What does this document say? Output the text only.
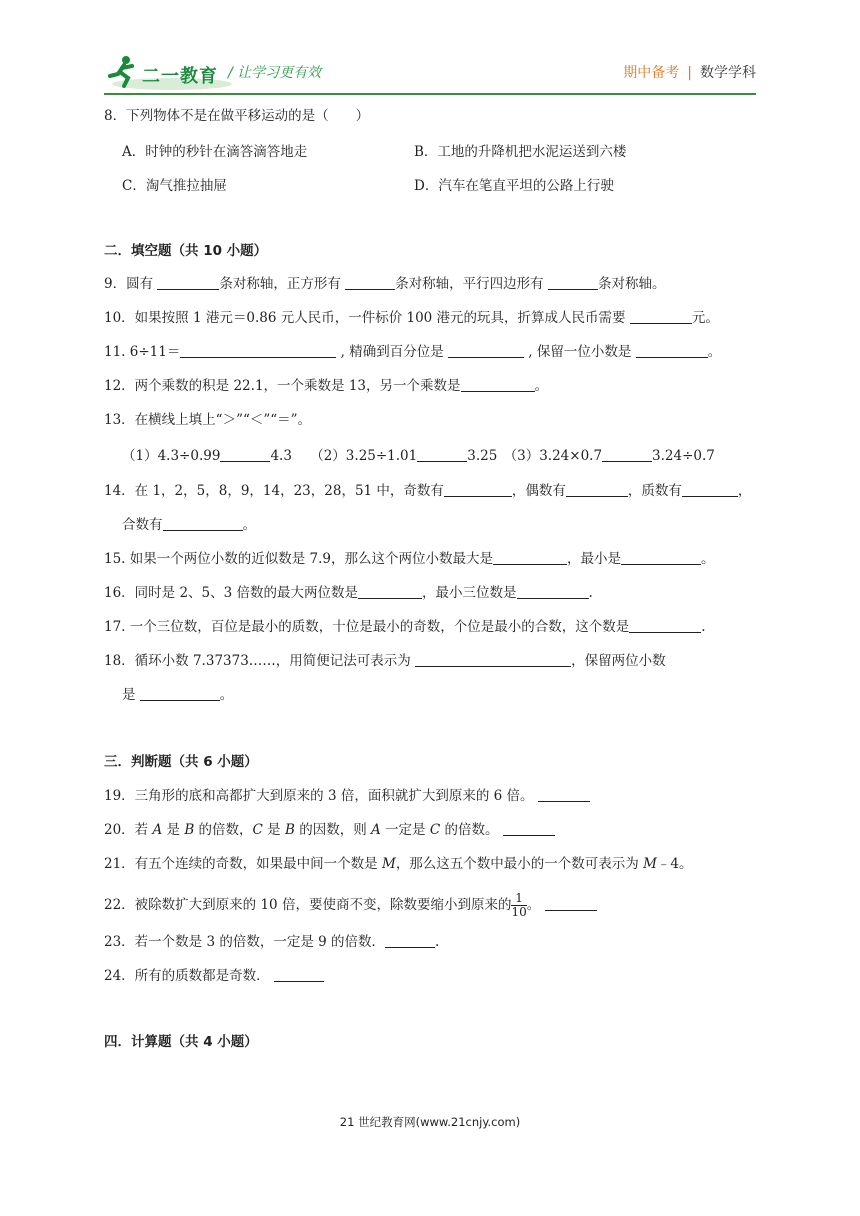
二一教育 / 让学习更有效	期中备考 | 数学学科
8．下列物体不是在做平移运动的是（　　）
A．时钟的秒针在滴答滴答地走	B．工地的升降机把水泥运送到六楼
C．淘气推拉抽屉	D．汽车在笔直平坦的公路上行驶
二．填空题（共 10 小题）
9．圆有	条对称轴，正方形有	条对称轴，平行四边形有	条对称轴。
10．如果按照 1 港元＝0.86 元人民币，一件标价 100 港元的玩具，折算成人民币需要	元。
11. 6÷11＝	, 精确到百分位是	, 保留一位小数是	。
12．两个乘数的积是 22.1，一个乘数是 13，另一个乘数是	。
13．在横线上填上“＞”“＜”“＝”。
（1）4.3÷0.99	4.3 （2）3.25÷1.01	3.25 （3）3.24×0.7	3.24÷0.7
14．在 1，2，5，8，9，14，23，28，51 中，奇数有	，偶数有	，质数有	，
合数有	。
15. 如果一个两位小数的近似数是 7.9，那么这个两位小数最大是	，最小是	。
16．同时是 2、5、3 倍数的最大两位数是	，最小三位数是	.
17. 一个三位数，百位是最小的质数，十位是最小的奇数，个位是最小的合数，这个数是	.
18．循环小数 7.37373……，用简便记法可表示为	，保留两位小数
是	。
三．判断题（共 6 小题）
19．三角形的底和高都扩大到原来的 3 倍，面积就扩大到原来的 6 倍。
20．若 A 是 B 的倍数，C 是 B 的因数，则 A 一定是 C 的倍数。
21．有五个连续的奇数，如果最中间一个数是 M，那么这五个数中最小的一个数可表示为 M﹣4。
22．被除数扩大到原来的 10 倍，要使商不变，除数要缩小到原来的 $\frac{1}{10}$ 。
23．若一个数是 3 的倍数，一定是 9 的倍数．	.
24．所有的质数都是奇数．
四．计算题（共 4 小题）
21 世纪教育网(www.21cnjy.com)
